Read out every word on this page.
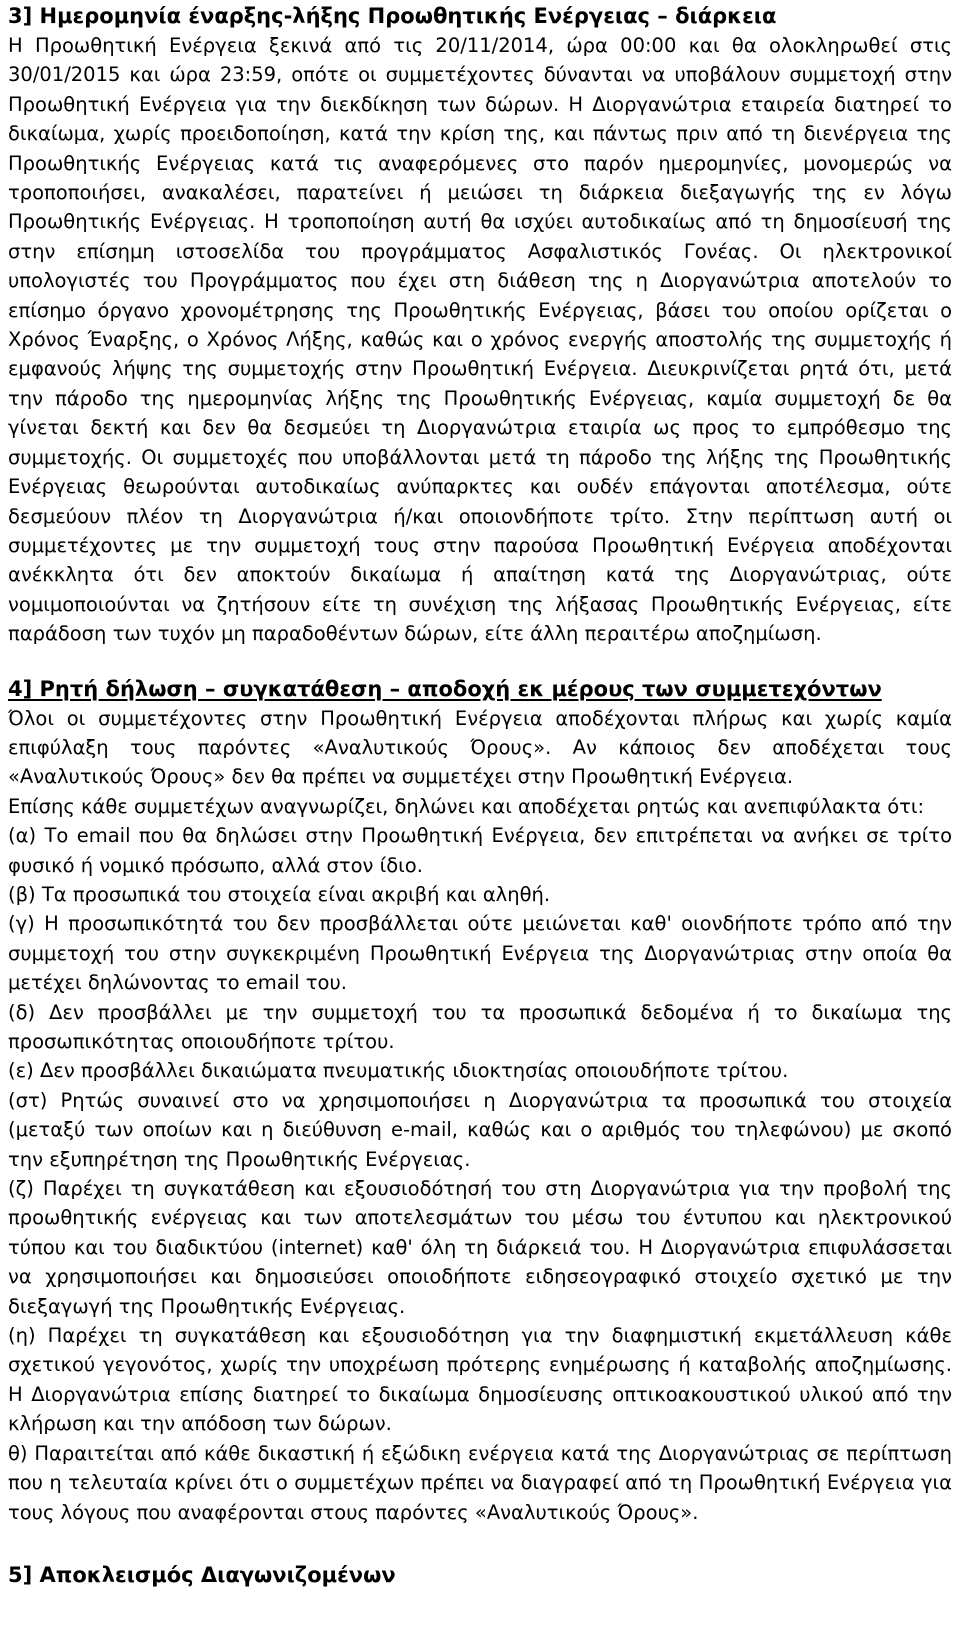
3] Ημερομηνία έναρξης-λήξης Προωθητικής Ενέργειας – διάρκεια

Η Προωθητική Ενέργεια ξεκινά από τις 20/11/2014, ώρα 00:00 και θα ολοκληρωθεί στις 30/01/2015 και ώρα 23:59, οπότε οι συμμετέχοντες δύνανται να υποβάλουν συμμετοχή στην Προωθητική Ενέργεια για την διεκδίκηση των δώρων. Η Διοργανώτρια εταιρεία διατηρεί το δικαίωμα, χωρίς προειδοποίηση, κατά την κρίση της, και πάντως πριν από τη διενέργεια της Προωθητικής Ενέργειας κατά τις αναφερόμενες στο παρόν ημερομηνίες, μονομερώς να τροποποιήσει, ανακαλέσει, παρατείνει ή μειώσει τη διάρκεια διεξαγωγής της εν λόγω Προωθητικής Ενέργειας. Η τροποποίηση αυτή θα ισχύει αυτοδικαίως από τη δημοσίευσή της στην επίσημη ιστοσελίδα του προγράμματος Ασφαλιστικός Γονέας. Οι ηλεκτρονικοί υπολογιστές του Προγράμματος που έχει στη διάθεση της η Διοργανώτρια αποτελούν το επίσημο όργανο χρονομέτρησης της Προωθητικής Ενέργειας, βάσει του οποίου ορίζεται ο Χρόνος Έναρξης, ο Χρόνος Λήξης, καθώς και ο χρόνος ενεργής αποστολής της συμμετοχής ή εμφανούς λήψης της συμμετοχής στην Προωθητική Ενέργεια. Διευκρινίζεται ρητά ότι, μετά την πάροδο της ημερομηνίας λήξης της Προωθητικής Ενέργειας, καμία συμμετοχή δε θα γίνεται δεκτή και δεν θα δεσμεύει τη Διοργανώτρια εταιρία ως προς το εμπρόθεσμο της συμμετοχής. Οι συμμετοχές που υποβάλλονται μετά τη πάροδο της λήξης της Προωθητικής Ενέργειας θεωρούνται αυτοδικαίως ανύπαρκτες και ουδέν επάγονται αποτέλεσμα, ούτε δεσμεύουν πλέον τη Διοργανώτρια ή/και οποιονδήποτε τρίτο. Στην περίπτωση αυτή οι συμμετέχοντες με την συμμετοχή τους στην παρούσα Προωθητική Ενέργεια αποδέχονται ανέκκλητα ότι δεν αποκτούν δικαίωμα ή απαίτηση κατά της Διοργανώτριας, ούτε νομιμοποιούνται να ζητήσουν είτε τη συνέχιση της λήξασας Προωθητικής Ενέργειας, είτε παράδοση των τυχόν μη παραδοθέντων δώρων, είτε άλλη περαιτέρω αποζημίωση.

4] Ρητή δήλωση – συγκατάθεση – αποδοχή εκ μέρους των συμμετεχόντων

Όλοι οι συμμετέχοντες στην Προωθητική Ενέργεια αποδέχονται πλήρως και χωρίς καμία επιφύλαξη τους παρόντες «Αναλυτικούς Όρους». Αν κάποιος δεν αποδέχεται τους «Αναλυτικούς Όρους» δεν θα πρέπει να συμμετέχει στην Προωθητική Ενέργεια.

Επίσης κάθε συμμετέχων αναγνωρίζει, δηλώνει και αποδέχεται ρητώς και ανεπιφύλακτα ότι:

(α) Το email που θα δηλώσει στην Προωθητική Ενέργεια, δεν επιτρέπεται να ανήκει σε τρίτο φυσικό ή νομικό πρόσωπο, αλλά στον ίδιο.

(β) Τα προσωπικά του στοιχεία είναι ακριβή και αληθή.

(γ) Η προσωπικότητά του δεν προσβάλλεται ούτε μειώνεται καθ' οιονδήποτε τρόπο από την συμμετοχή του στην συγκεκριμένη Προωθητική Ενέργεια της Διοργανώτριας στην οποία θα μετέχει δηλώνοντας το email του.

(δ) Δεν προσβάλλει με την συμμετοχή του τα προσωπικά δεδομένα ή το δικαίωμα της προσωπικότητας οποιουδήποτε τρίτου.

(ε) Δεν προσβάλλει δικαιώματα πνευματικής ιδιοκτησίας οποιουδήποτε τρίτου.

(στ) Ρητώς συναινεί στο να χρησιμοποιήσει η Διοργανώτρια τα προσωπικά του στοιχεία (μεταξύ των οποίων και η διεύθυνση e-mail, καθώς και ο αριθμός του τηλεφώνου) με σκοπό την εξυπηρέτηση της Προωθητικής Ενέργειας.

(ζ) Παρέχει τη συγκατάθεση και εξουσιοδότησή του στη Διοργανώτρια για την προβολή της προωθητικής ενέργειας και των αποτελεσμάτων του μέσω του έντυπου και ηλεκτρονικού τύπου και του διαδικτύου (internet) καθ' όλη τη διάρκειά του. Η Διοργανώτρια επιφυλάσσεται να χρησιμοποιήσει και δημοσιεύσει οποιοδήποτε ειδησεογραφικό στοιχείο σχετικό με την διεξαγωγή της Προωθητικής Ενέργειας.

(η) Παρέχει τη συγκατάθεση και εξουσιοδότηση για την διαφημιστική εκμετάλλευση κάθε σχετικού γεγονότος, χωρίς την υποχρέωση πρότερης ενημέρωσης ή καταβολής αποζημίωσης. Η Διοργανώτρια επίσης διατηρεί το δικαίωμα δημοσίευσης οπτικοακουστικού υλικού από την κλήρωση και την απόδοση των δώρων.

θ) Παραιτείται από κάθε δικαστική ή εξώδικη ενέργεια κατά της Διοργανώτριας σε περίπτωση που η τελευταία κρίνει ότι ο συμμετέχων πρέπει να διαγραφεί από τη Προωθητική Ενέργεια για τους λόγους που αναφέρονται στους παρόντες «Αναλυτικούς Όρους».

5] Αποκλεισμός Διαγωνιζομένων
